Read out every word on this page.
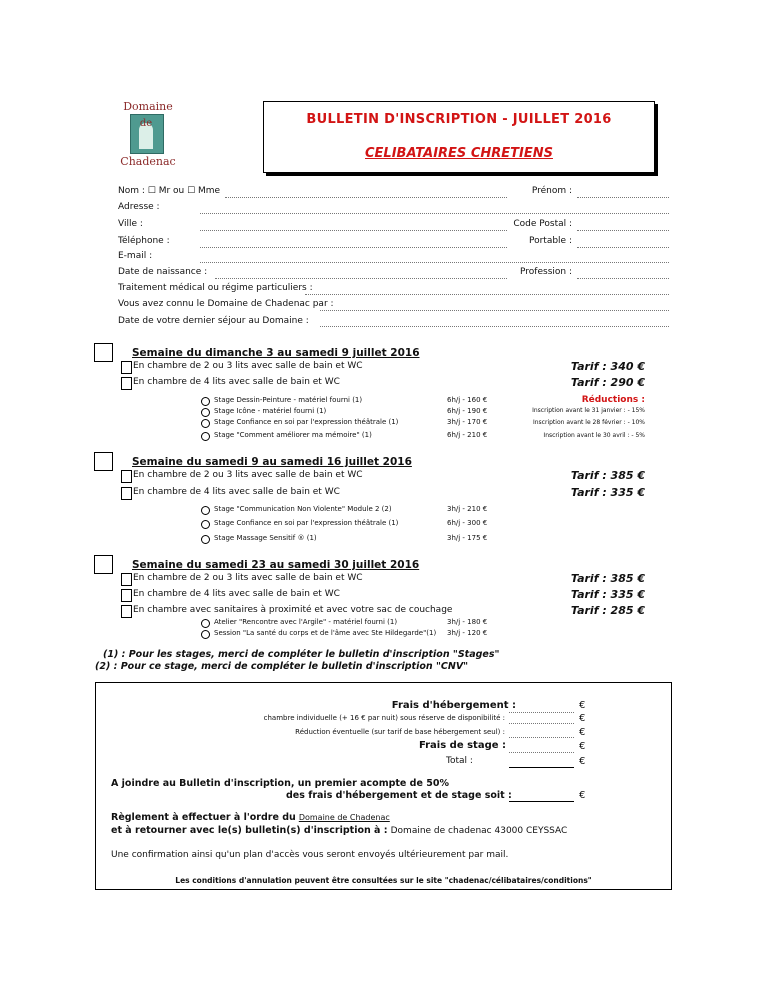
Domaine
de
Chadenac
BULLETIN D'INSCRIPTION - JUILLET 2016
CELIBATAIRES CHRETIENS
Nom : ☐ Mr ou ☐ Mme	Prénom :
Adresse :
Ville :	Code Postal :
Téléphone :	Portable :
E-mail :
Date de naissance :	Profession :
Traitement médical ou régime particuliers :
Vous avez connu le Domaine de Chadenac par :
Date de votre dernier séjour au Domaine :
Semaine du dimanche 3 au samedi 9 juillet 2016
En chambre de 2 ou 3 lits avec salle de bain et WC	Tarif : 340 €
En chambre de 4 lits avec salle de bain et WC	Tarif : 290 €
Stage Dessin-Peinture - matériel fourni (1)	6h/j - 160 €
Stage Icône - matériel fourni (1)	6h/j - 190 €
Stage Confiance en soi par l'expression théâtrale (1)	3h/j - 170 €
Stage "Comment améliorer ma mémoire" (1)	6h/j - 210 €
Réductions :
Inscription avant le 31 janvier : - 15%
Inscription avant le 28 février : - 10%
Inscription avant le 30 avril : - 5%
Semaine du samedi 9 au samedi 16 juillet 2016
En chambre de 2 ou 3 lits avec salle de bain et WC	Tarif : 385 €
En chambre de 4 lits avec salle de bain et WC	Tarif : 335 €
Stage "Communication Non Violente" Module 2 (2)	3h/j - 210 €
Stage Confiance en soi par l'expression théâtrale (1)	6h/j - 300 €
Stage Massage Sensitif ® (1)	3h/j - 175 €
Semaine du samedi 23 au samedi 30 juillet 2016
En chambre de 2 ou 3 lits avec salle de bain et WC	Tarif : 385 €
En chambre de 4 lits avec salle de bain et WC	Tarif : 335 €
En chambre avec sanitaires à proximité et avec votre sac de couchage	Tarif : 285 €
Atelier "Rencontre avec l'Argile" - matériel fourni (1)	3h/j - 180 €
Session "La santé du corps et de l'âme avec Ste Hildegarde"(1) 3h/j - 120 €
(1) : Pour les stages, merci de compléter le bulletin d'inscription "Stages"
(2) : Pour ce stage, merci de compléter le bulletin d'inscription "CNV"
Frais d'hébergement :	€
chambre individuelle (+ 16 € par nuit) sous réserve de disponibilité :	€
Réduction éventuelle (sur tarif de base hébergement seul) :	€
Frais de stage :	€
Total :	€
A joindre au Bulletin d'inscription, un premier acompte de 50%
des frais d'hébergement et de stage soit :	€
Règlement à effectuer à l'ordre du Domaine de Chadenac
et à retourner avec le(s) bulletin(s) d'inscription à : Domaine de chadenac 43000 CEYSSAC
Une confirmation ainsi qu'un plan d'accès vous seront envoyés ultérieurement par mail.
Les conditions d'annulation peuvent être consultées sur le site "chadenac/célibataires/conditions"
